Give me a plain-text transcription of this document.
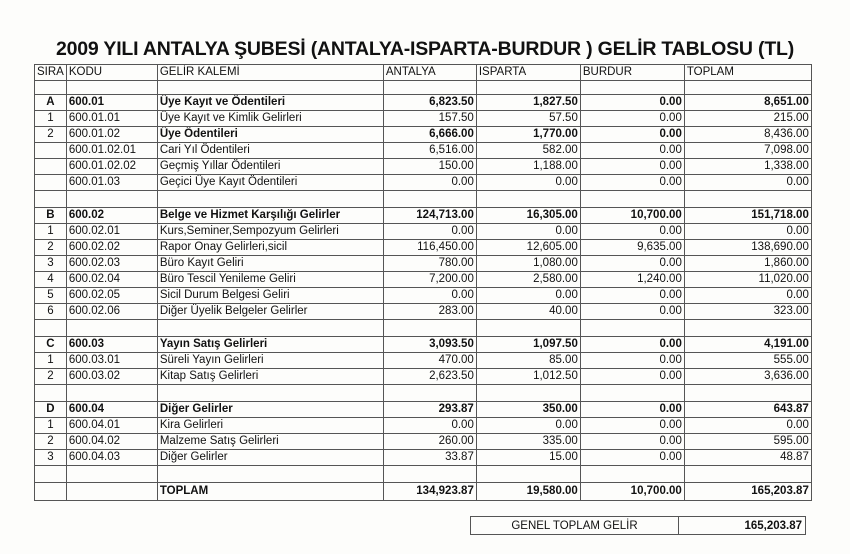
2009 YILI ANTALYA ŞUBESİ (ANTALYA-ISPARTA-BURDUR ) GELİR TABLOSU (TL)
SIRA	KODU	GELİR KALEMİ	ANTALYA	ISPARTA	BURDUR	TOPLAM

A	600.01	Üye Kayıt ve Ödentileri	6,823.50	1,827.50	0.00	8,651.00
1	600.01.01	Üye Kayıt ve Kimlik Gelirleri	157.50	57.50	0.00	215.00
2	600.01.02	Üye Ödentileri	6,666.00	1,770.00	0.00	8,436.00
	600.01.02.01	Cari Yıl Ödentileri	6,516.00	582.00	0.00	7,098.00
	600.01.02.02	Geçmiş Yıllar Ödentileri	150.00	1,188.00	0.00	1,338.00
	600.01.03	Geçici Üye Kayıt Ödentileri	0.00	0.00	0.00	0.00

B	600.02	Belge ve Hizmet Karşılığı Gelirler	124,713.00	16,305.00	10,700.00	151,718.00
1	600.02.01	Kurs,Seminer,Sempozyum Gelirleri	0.00	0.00	0.00	0.00
2	600.02.02	Rapor Onay Gelirleri,sicil	116,450.00	12,605.00	9,635.00	138,690.00
3	600.02.03	Büro Kayıt Geliri	780.00	1,080.00	0.00	1,860.00
4	600.02.04	Büro Tescil Yenileme Geliri	7,200.00	2,580.00	1,240.00	11,020.00
5	600.02.05	Sicil Durum Belgesi Geliri	0.00	0.00	0.00	0.00
6	600.02.06	Diğer Üyelik Belgeler Gelirler	283.00	40.00	0.00	323.00

C	600.03	Yayın Satış Gelirleri	3,093.50	1,097.50	0.00	4,191.00
1	600.03.01	Süreli Yayın Gelirleri	470.00	85.00	0.00	555.00
2	600.03.02	Kitap Satış Gelirleri	2,623.50	1,012.50	0.00	3,636.00

D	600.04	Diğer Gelirler	293.87	350.00	0.00	643.87
1	600.04.01	Kira Gelirleri	0.00	0.00	0.00	0.00
2	600.04.02	Malzeme Satış Gelirleri	260.00	335.00	0.00	595.00
3	600.04.03	Diğer Gelirler	33.87	15.00	0.00	48.87

		TOPLAM	134,923.87	19,580.00	10,700.00	165,203.87
GENEL TOPLAM GELİR	165,203.87
